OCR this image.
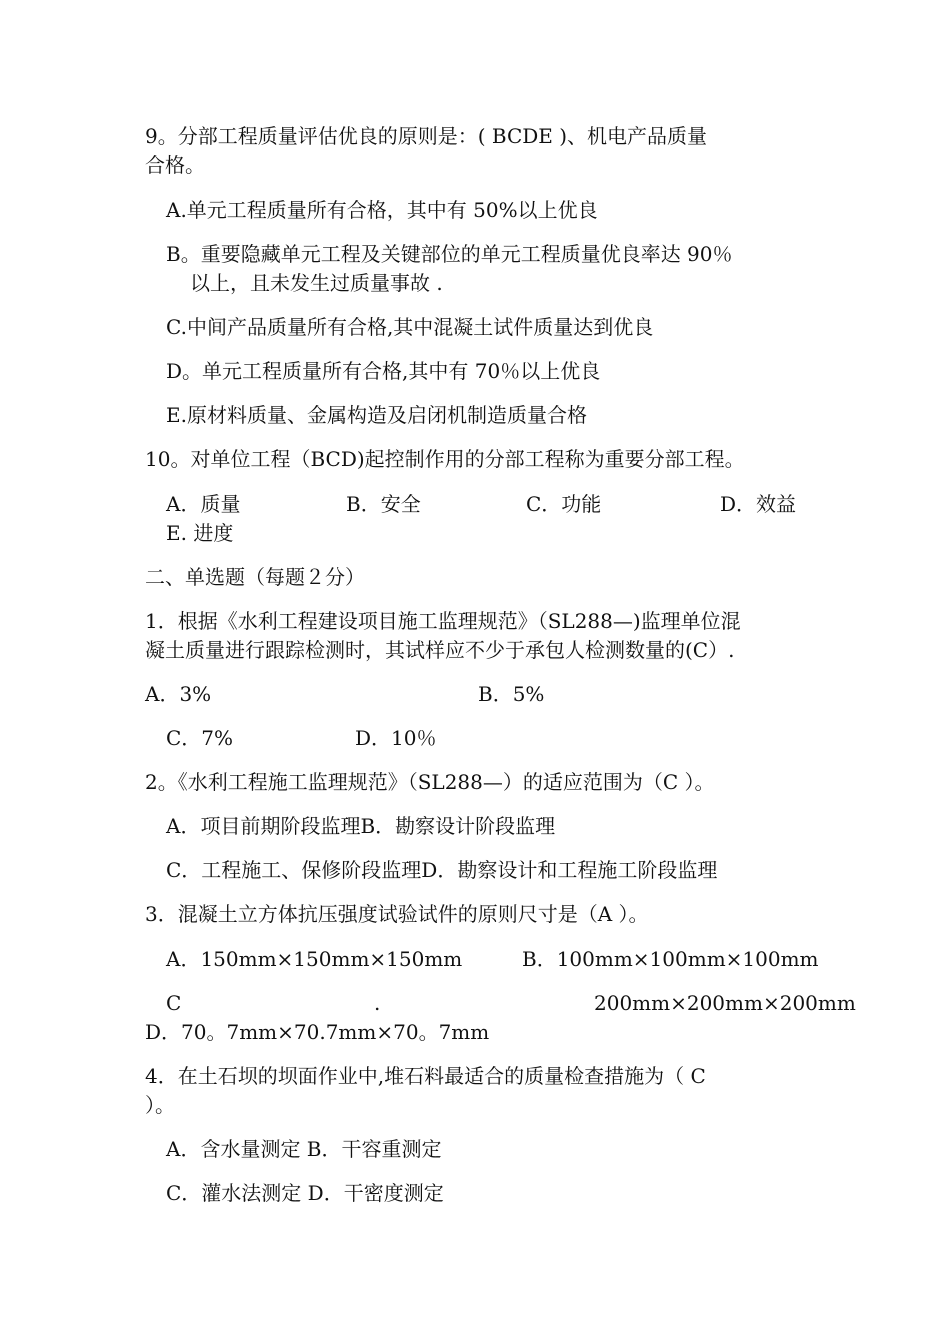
9。分部工程质量评估优良的原则是：( BCDE )、机电产品质量
合格。
A.单元工程质量所有合格，其中有 50%以上优良
B。重要隐藏单元工程及关键部位的单元工程质量优良率达 90％
以上，且未发生过质量事故 .
C.中间产品质量所有合格,其中混凝土试件质量达到优良
D。单元工程质量所有合格,其中有 70％以上优良
E.原材料质量、金属构造及启闭机制造质量合格
10。对单位工程（BCD)起控制作用的分部工程称为重要分部工程。
A．质量	B．安全	C．功能	D．效益
E. 进度
二、单选题（每题２分）
1．根据《水利工程建设项目施工监理规范》（SL288—)监理单位混
凝土质量进行跟踪检测时，其试样应不少于承包人检测数量的(C）.
A．3%	B．5%
C．7%	D．10％
2。《水利工程施工监理规范》（SL288—）的适应范围为（C ）。
A．项目前期阶段监理B．勘察设计阶段监理
C．工程施工、保修阶段监理D．勘察设计和工程施工阶段监理
3．混凝土立方体抗压强度试验试件的原则尺寸是（A ）。
A．150mm×150mm×150mm	B．100mm×100mm×100mm
C	.	200mm×200mm×200mm
D．70。7mm×70.7mm×70。7mm
4．在土石坝的坝面作业中,堆石料最适合的质量检查措施为（ C
）。
A．含水量测定 B．干容重测定
C．灌水法测定 D．干密度测定
